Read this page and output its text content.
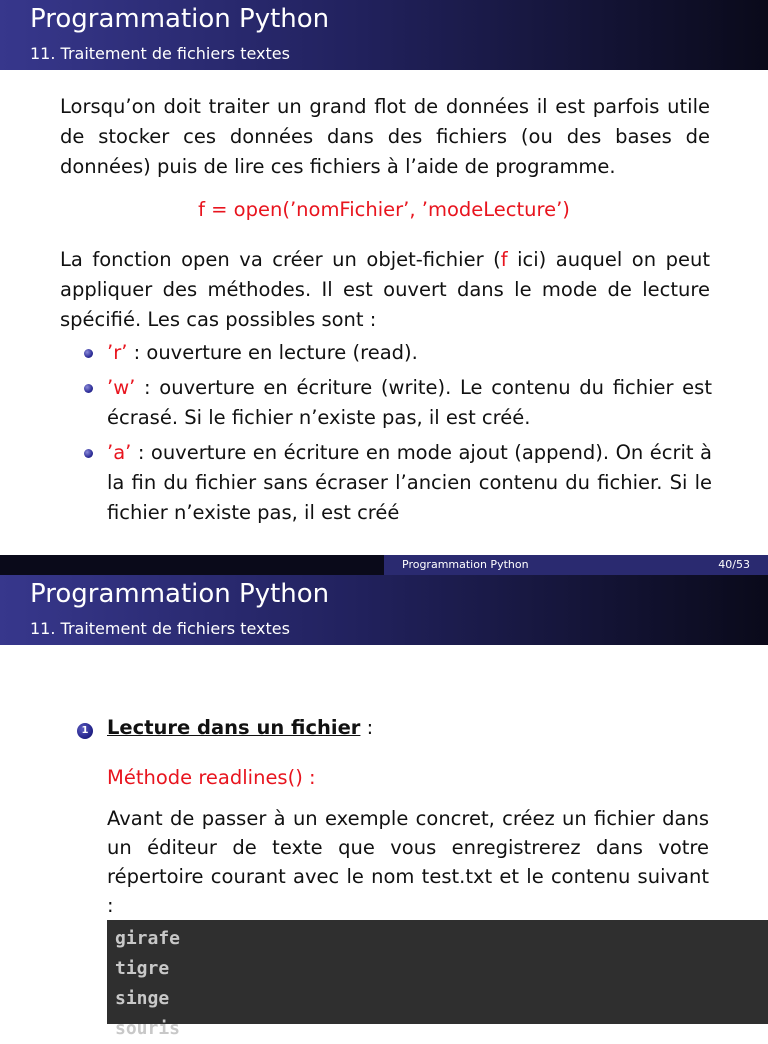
Programmation Python
11. Traitement de fichiers textes
Lorsqu’on doit traiter un grand flot de données il est parfois utile de stocker ces données dans des fichiers (ou des bases de données) puis de lire ces fichiers à l’aide de programme.
f = open(’nomFichier’, ’modeLecture’)
La fonction open va créer un objet-fichier (f ici) auquel on peut appliquer des méthodes. Il est ouvert dans le mode de lecture spécifié. Les cas possibles sont :
’r’ : ouverture en lecture (read).
’w’ : ouverture en écriture (write). Le contenu du fichier est écrasé. Si le fichier n’existe pas, il est créé.
’a’ : ouverture en écriture en mode ajout (append). On écrit à la fin du fichier sans écraser l’ancien contenu du fichier. Si le fichier n’existe pas, il est créé
Programmation Python	40/53
Programmation Python
11. Traitement de fichiers textes
1 Lecture dans un fichier :
Méthode readlines() :
Avant de passer à un exemple concret, créez un fichier dans un éditeur de texte que vous enregistrerez dans votre répertoire courant avec le nom test.txt et le contenu suivant :
girafe
tigre
singe
souris
